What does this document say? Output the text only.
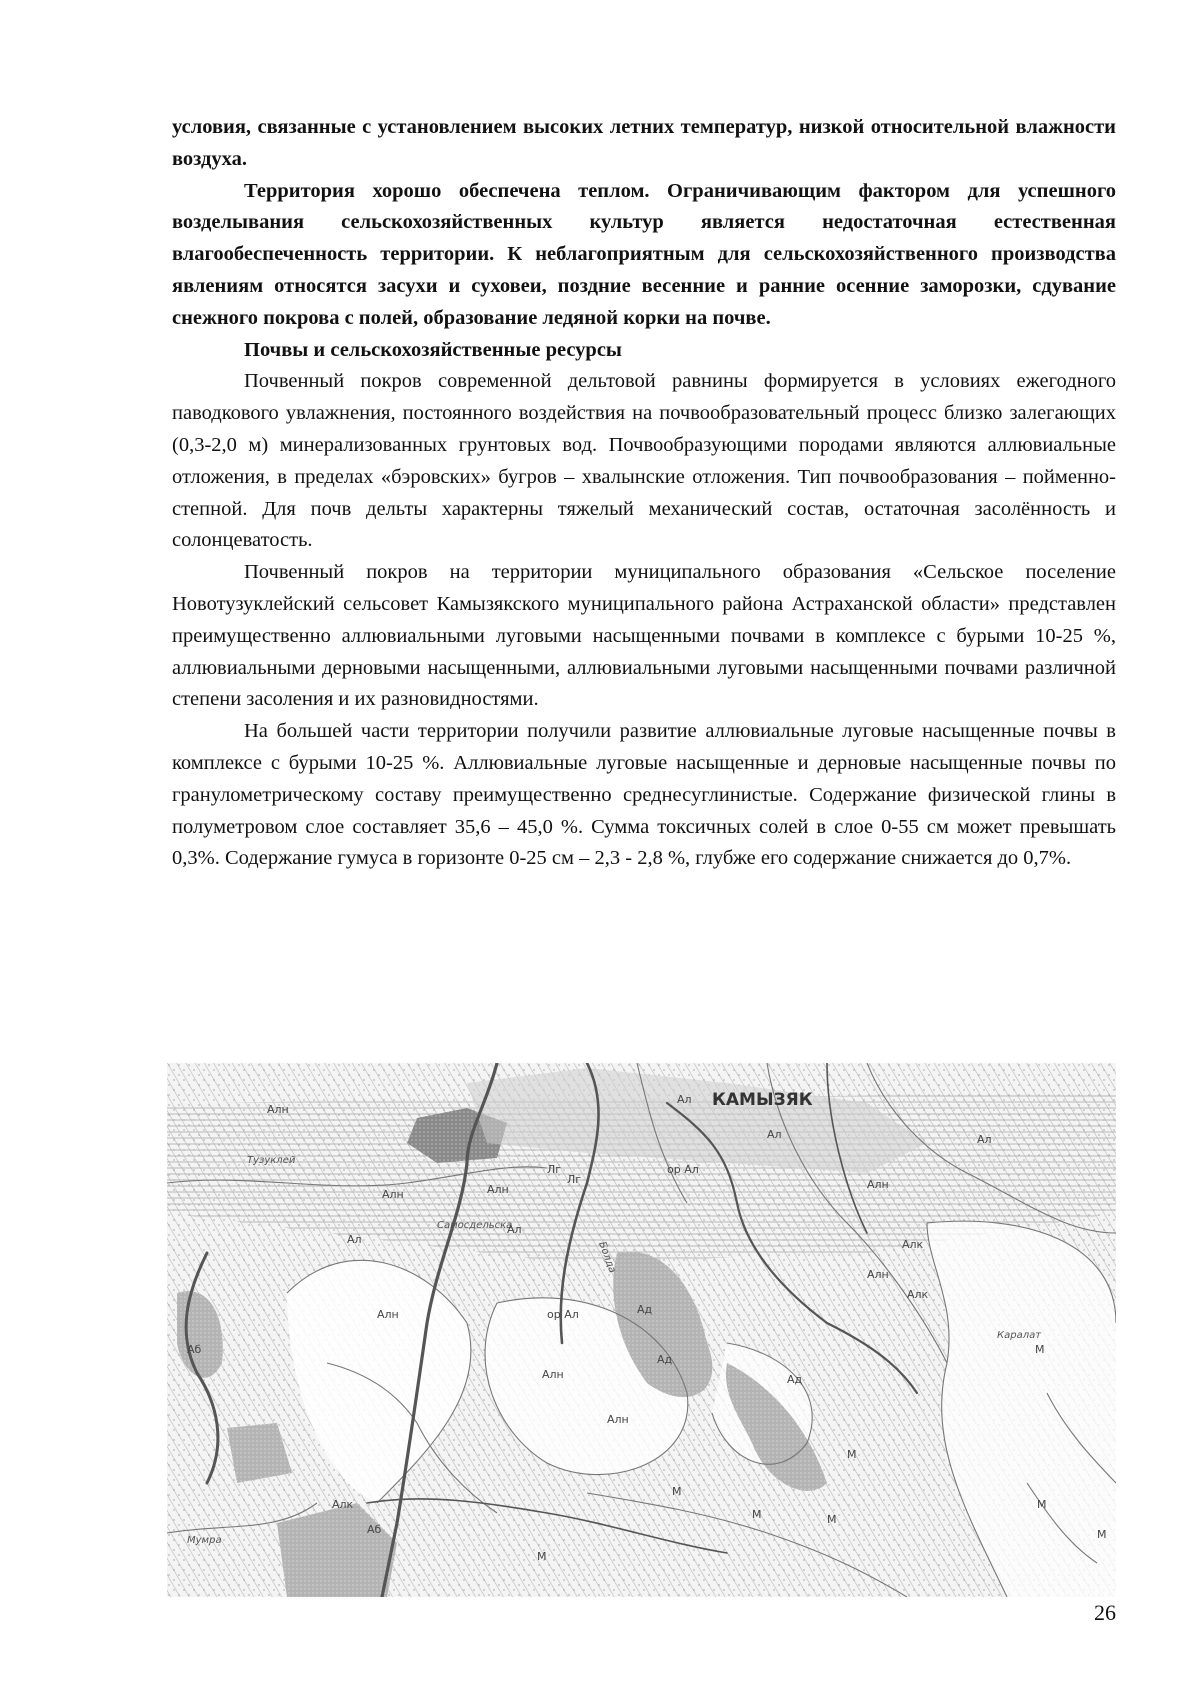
условия, связанные с установлением высоких летних температур, низкой относительной влажности воздуха.

Территория хорошо обеспечена теплом. Ограничивающим фактором для успешного возделывания сельскохозяйственных культур является недостаточная естественная влагообеспеченность территории. К неблагоприятным для сельскохозяйственного производства явлениям относятся засухи и суховеи, поздние весенние и ранние осенние заморозки, сдувание снежного покрова с полей, образование ледяной корки на почве.

Почвы и сельскохозяйственные ресурсы

Почвенный покров современной дельтовой равнины формируется в условиях ежегодного паводкового увлажнения, постоянного воздействия на почвообразовательный процесс близко залегающих (0,3-2,0 м) минерализованных грунтовых вод. Почвообразующими породами являются аллювиальные отложения, в пределах «бэровских» бугров – хвалынские отложения. Тип почвообразования – пойменно-степной. Для почв дельты характерны тяжелый механический состав, остаточная засолённость и солонцеватость.

Почвенный покров на территории муниципального образования «Сельское поселение Новотузуклейский сельсовет Камызякского муниципального района Астраханской области» представлен преимущественно аллювиальными луговыми насыщенными почвами в комплексе с бурыми 10-25 %, аллювиальными дерновыми насыщенными, аллювиальными луговыми насыщенными почвами различной степени засоления и их разновидностями.

На большей части территории получили развитие аллювиальные луговые насыщенные почвы в комплексе с бурыми 10-25 %. Аллювиальные луговые насыщенные и дерновые насыщенные почвы по гранулометрическому составу преимущественно среднесуглинистые. Содержание физической глины в полуметровом слое составляет 35,6 – 45,0 %. Сумма токсичных солей в слое 0-55 см может превышать 0,3%. Содержание гумуса в горизонте 0-25 см – 2,3 - 2,8 %, глубже его содержание снижается до 0,7%.

КАМЫЗЯК
Болда
Самосдельска
Каралат
Мумра
Тузуклей
Алн
Алн	Алн
Ал
Ал
Ал
Ал	Ал
Ад
Ад
Ад
Алн
Алн
Алн
Алн
Алн
Аб
Аб	М
М
М
М	М
М
М
М
Лг
Лг
ор Ал
ор Ал
Алк
Алк
Алк
26
